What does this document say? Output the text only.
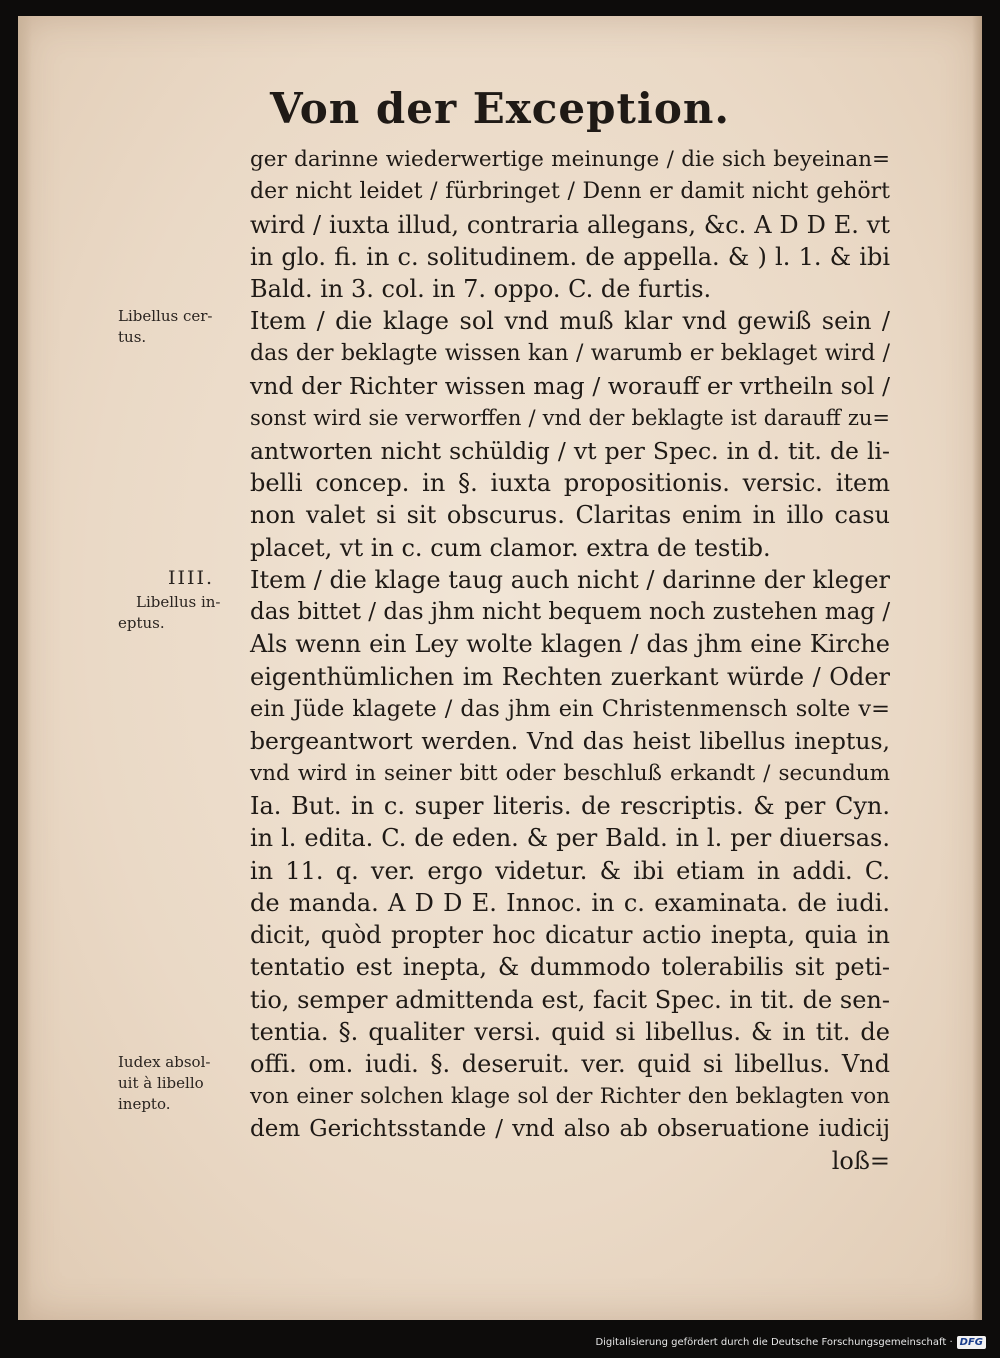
Von der Exception.
ger darinne wiederwertige meinunge / die sich beyeinan=
der nicht leidet / fürbringet / Denn er damit nicht gehört
wird / iuxta illud, contraria allegans, &c. A D D E. vt
in glo. fi. in c. solitudinem. de appella. & ) l. 1. & ibi
Bald. in 3. col. in 7. oppo. C. de furtis.
Item / die klage sol vnd muß klar vnd gewiß sein /
das der beklagte wissen kan / warumb er beklaget wird /
vnd der Richter wissen mag / worauff er vrtheiln sol /
sonst wird sie verworffen / vnd der beklagte ist darauff zu=
antworten nicht schüldig / vt per Spec. in d. tit. de li-
belli concep. in §. iuxta propositionis. versic. item
non valet si sit obscurus. Claritas enim in illo casu
placet, vt in c. cum clamor. extra de testib.
Item / die klage taug auch nicht / darinne der kleger
das bittet / das jhm nicht bequem noch zustehen mag /
Als wenn ein Ley wolte klagen / das jhm eine Kirche
eigenthümlichen im Rechten zuerkant würde / Oder
ein Jüde klagete / das jhm ein Christenmensch solte v=
bergeantwort werden. Vnd das heist libellus ineptus,
vnd wird in seiner bitt oder beschluß erkandt / secundum
Ia. But. in c. super literis. de rescriptis. & per Cyn.
in l. edita. C. de eden. & per Bald. in l. per diuersas.
in 11. q. ver. ergo videtur. & ibi etiam in addi. C.
de manda. A D D E. Innoc. in c. examinata. de iudi.
dicit, quòd propter hoc dicatur actio inepta, quia in
tentatio est inepta, & dummodo tolerabilis sit peti-
tio, semper admittenda est, facit Spec. in tit. de sen-
tentia. §. qualiter versi. quid si libellus. & in tit. de
offi. om. iudi. §. deseruit. ver. quid si libellus. Vnd
von einer solchen klage sol der Richter den beklagten von
dem Gerichtsstande / vnd also ab obseruatione iudicij
loß=
Libellus cer-
tus.
IIII.
Libellus in-
eptus.
Iudex absol-
uit à libello
inepto.
Digitalisierung gefördert durch die Deutsche Forschungsgemeinschaft · DFG
